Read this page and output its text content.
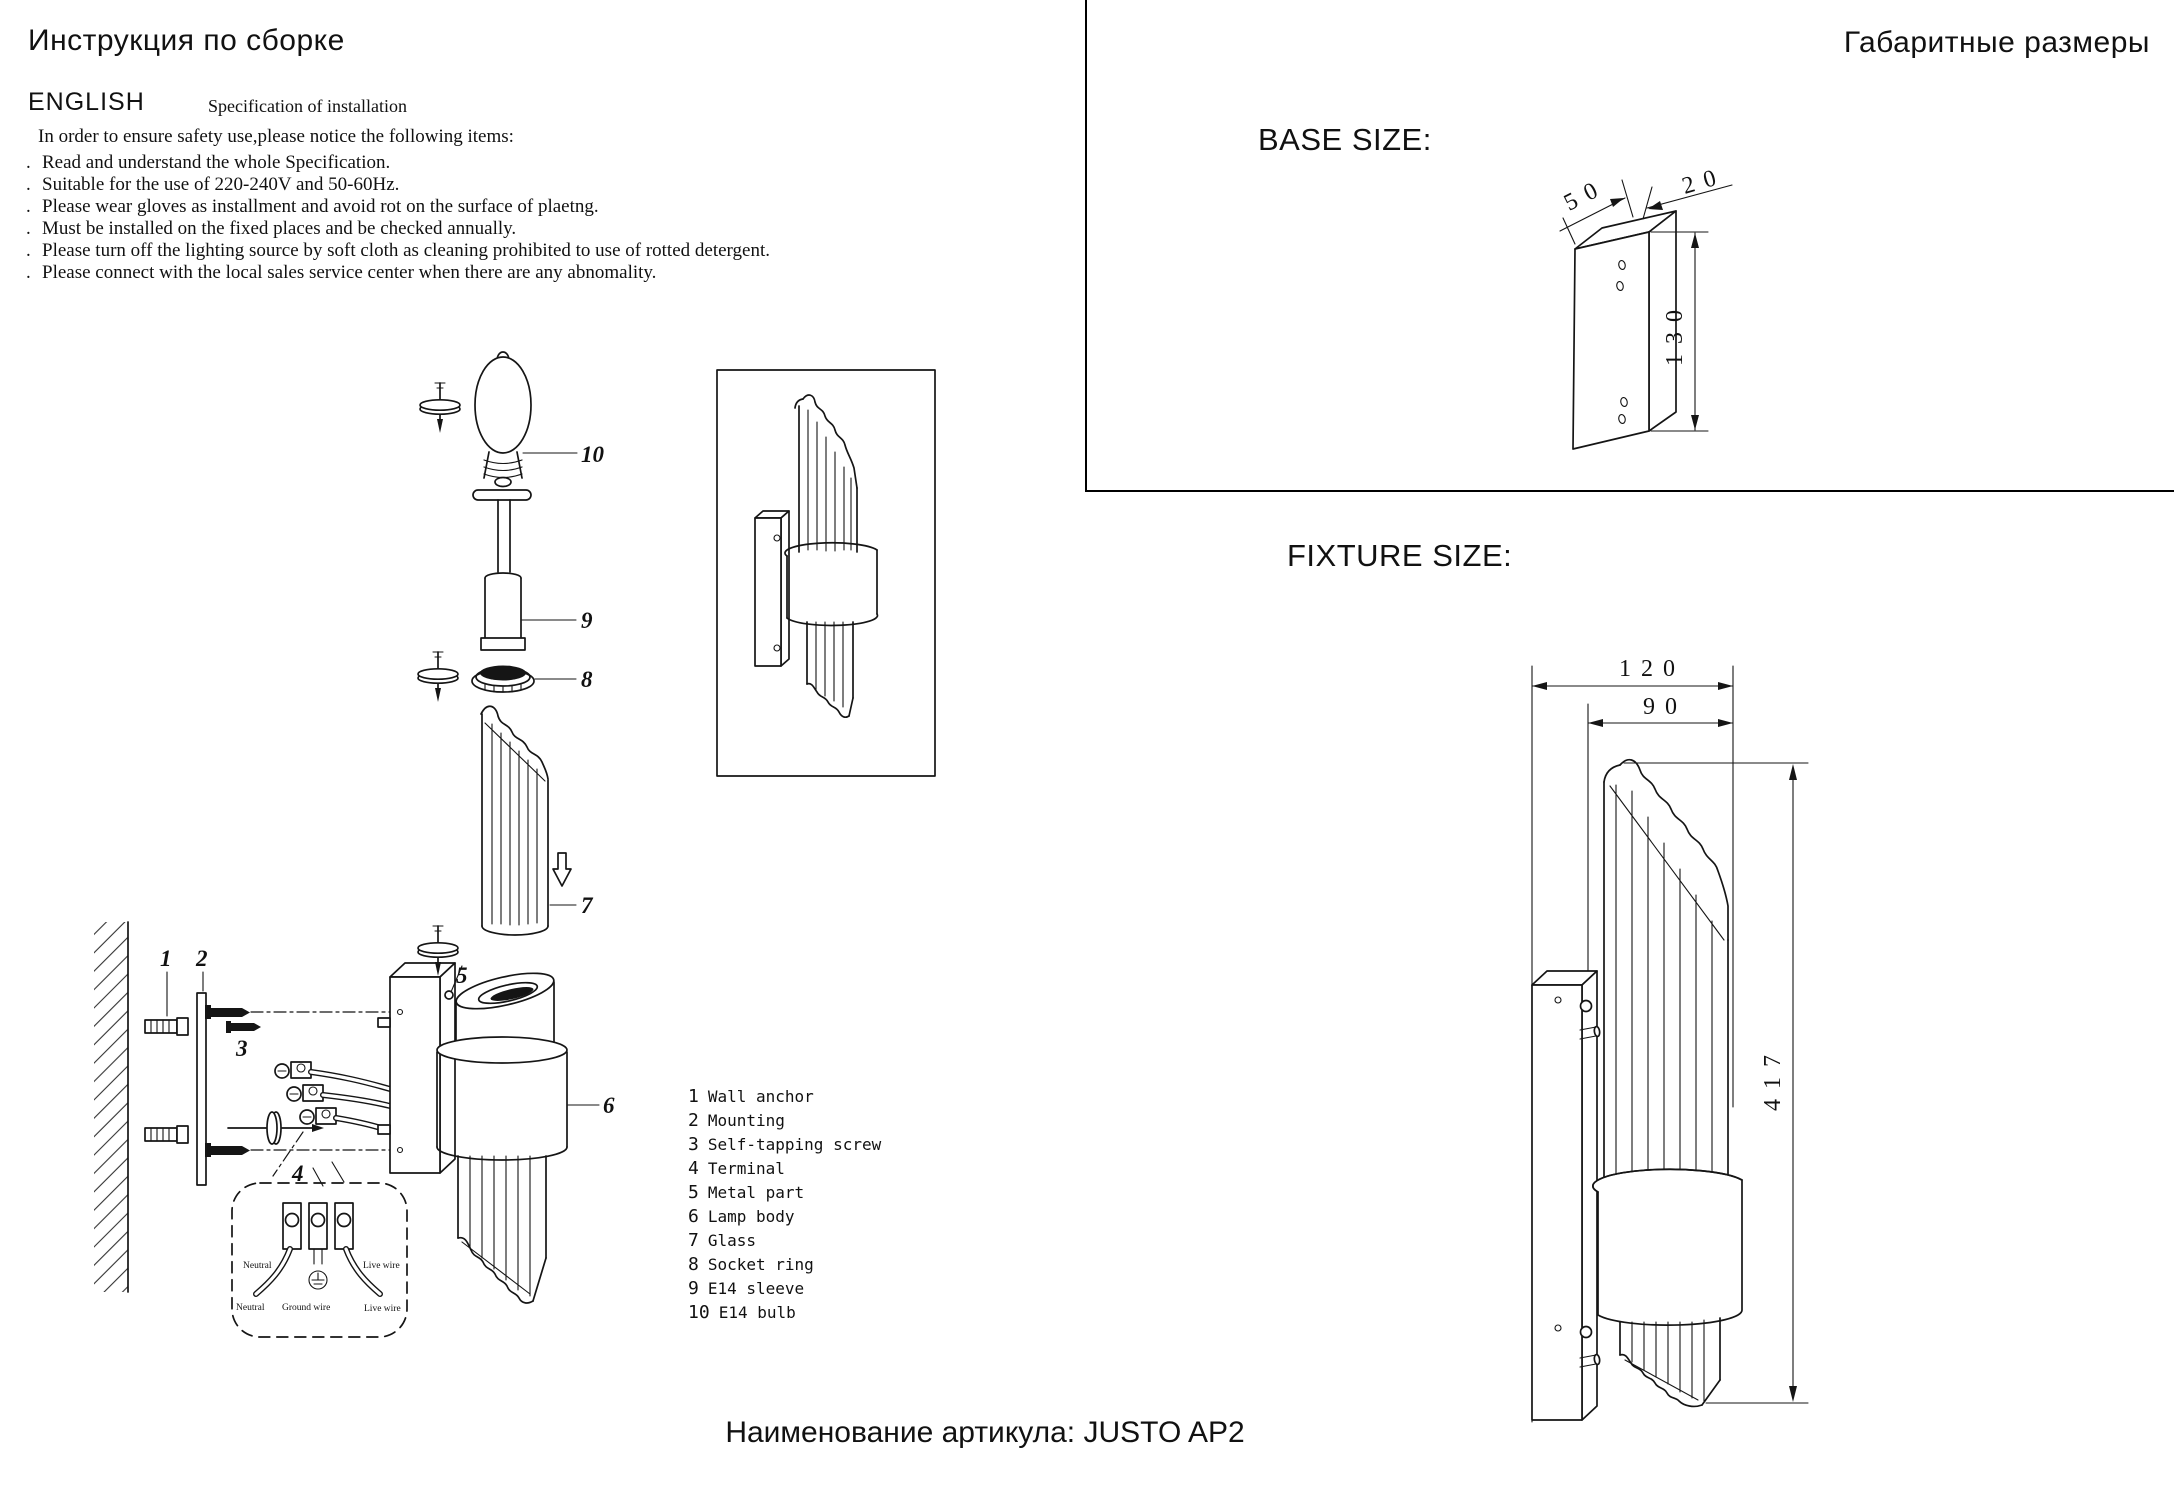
Инструкция по сборке
ENGLISH	Specification of installation
In order to ensure safety use,please notice the following items:
. Read and understand the whole Specification.
. Suitable for the use of 220-240V and 50-60Hz.
. Please wear gloves as installment and avoid rot on the surface of plaetng.
. Must be installed on the fixed places and be checked annually.
. Please turn off the lighting source by soft cloth as cleaning prohibited to use of rotted detergent.
. Please connect with the local sales service center when there are any abnomality.
1 2
3
4
Neutral	Live wire
Neutral Ground wire	Live wire
10
9
8
7
5
6	1 Wall anchor
2 Mounting
3 Self-tapping screw
4 Terminal
5 Metal part
6 Lamp body
7 Glass
8 Socket ring
9 E14 sleeve
10 E14 bulb
Габаритные размеры
BASE SIZE:
FIXTURE SIZE:
5 0	2 0
1 3 0
1 2 0
9 0
4 1 7
Наименование артикула: JUSTO AP2
